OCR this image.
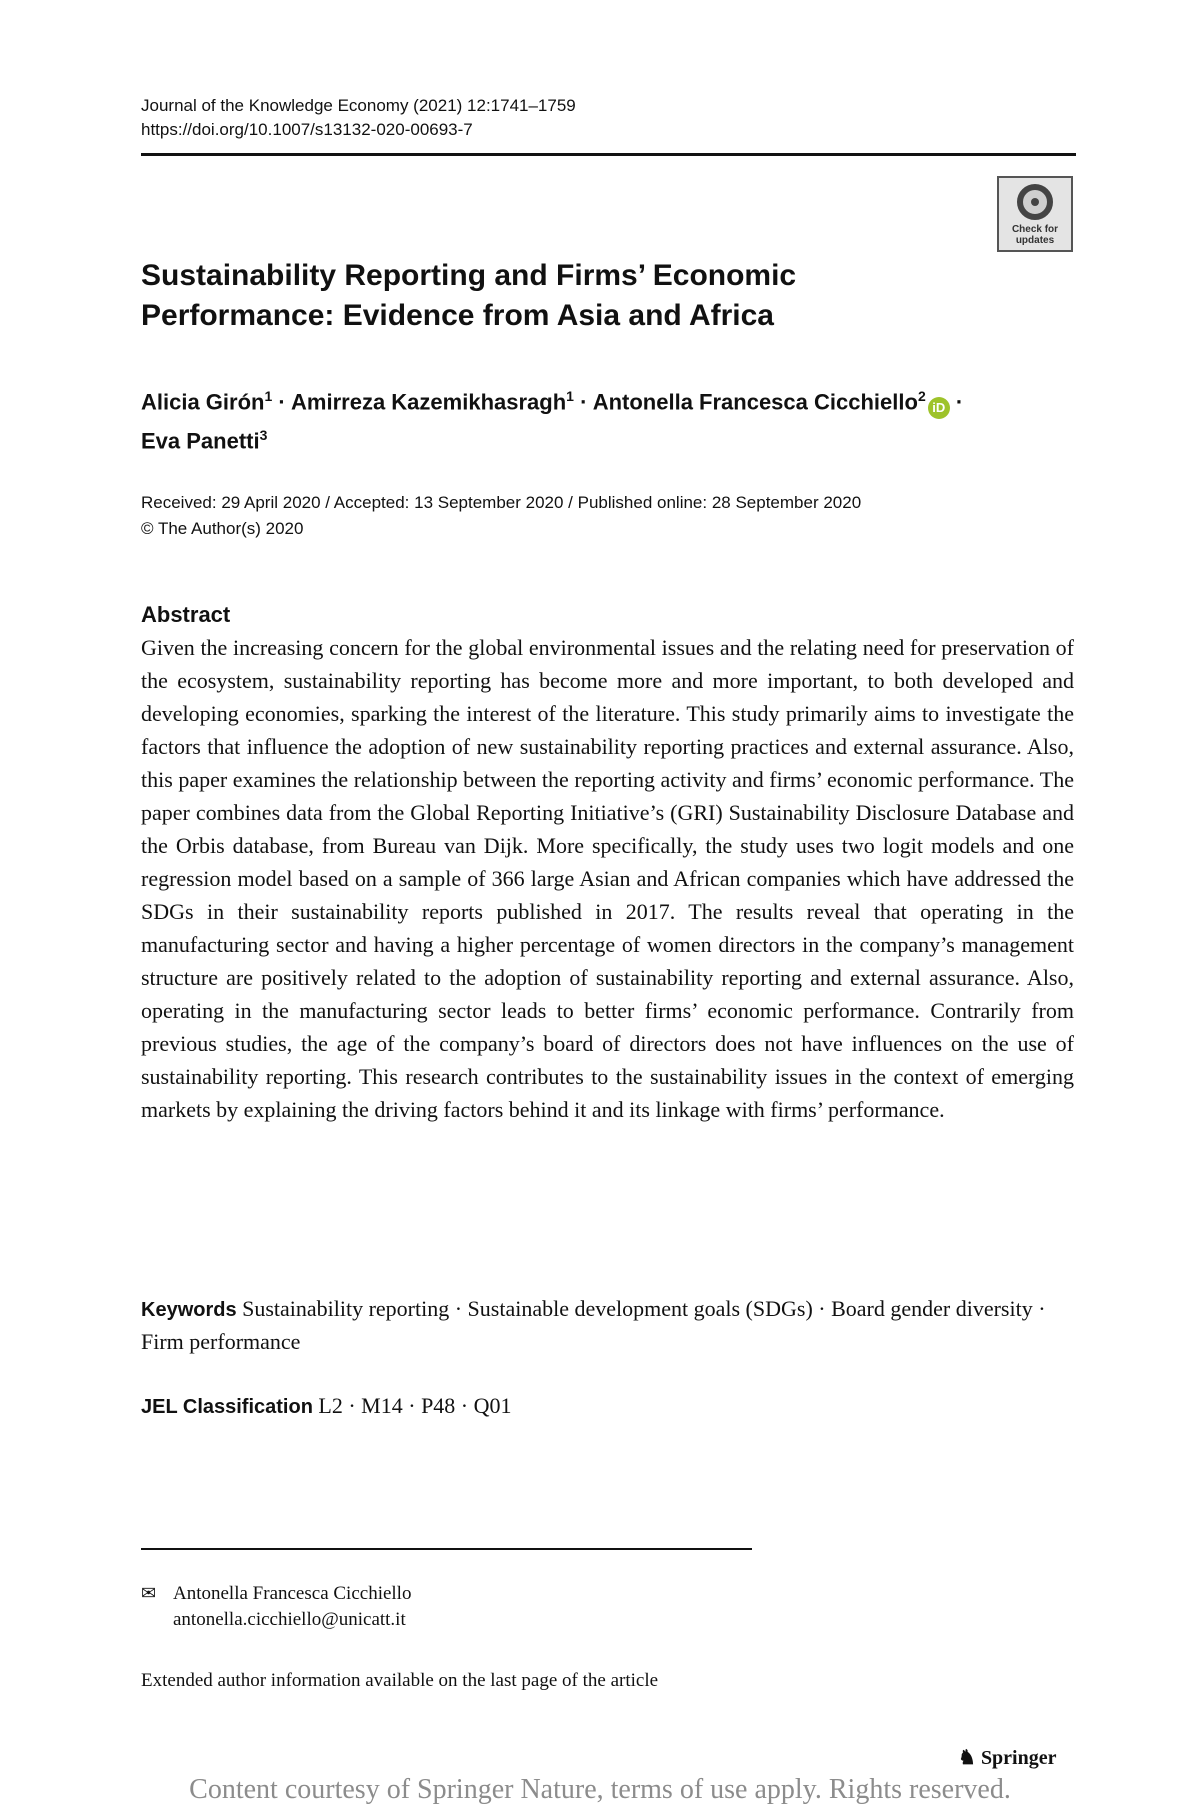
Journal of the Knowledge Economy (2021) 12:1741–1759
https://doi.org/10.1007/s13132-020-00693-7
Check for
updates
Sustainability Reporting and Firms’ Economic
Performance: Evidence from Asia and Africa
Alicia Girón$^1$ · Amirreza Kazemikhasragh$^1$ · Antonella Francesca Cicchiello$^2$iD ·
Eva Panetti$^3$
Received: 29 April 2020 / Accepted: 13 September 2020 / Published online: 28 September 2020
© The Author(s) 2020
Abstract

Given the increasing concern for the global environmental issues and the relating need for preservation of the ecosystem, sustainability reporting has become more and more important, to both developed and developing economies, sparking the interest of the literature. This study primarily aims to investigate the factors that influence the adoption of new sustainability reporting practices and external assurance. Also, this paper examines the relationship between the reporting activity and firms’ economic performance. The paper combines data from the Global Reporting Initiative’s (GRI) Sustainability Disclosure Database and the Orbis database, from Bureau van Dijk. More specifically, the study uses two logit models and one regression model based on a sample of 366 large Asian and African companies which have addressed the SDGs in their sustainability reports published in 2017. The results reveal that operating in the manufacturing sector and having a higher percentage of women directors in the company’s management structure are positively related to the adoption of sustainability reporting and external assurance. Also, operating in the manufacturing sector leads to better firms’ economic performance. Contrarily from previous studies, the age of the company’s board of directors does not have influences on the use of sustainability reporting. This research contributes to the sustainability issues in the context of emerging markets by explaining the driving factors behind it and its linkage with firms’ performance.

Keywords Sustainability reporting · Sustainable development goals (SDGs) · Board gender diversity · Firm performance
JEL Classification L2 · M14 · P48 · Q01
✉ Antonella Francesca Cicchiello
antonella.cicchiello@unicatt.it
Extended author information available on the last page of the article
♞ Springer
Content courtesy of Springer Nature, terms of use apply. Rights reserved.
